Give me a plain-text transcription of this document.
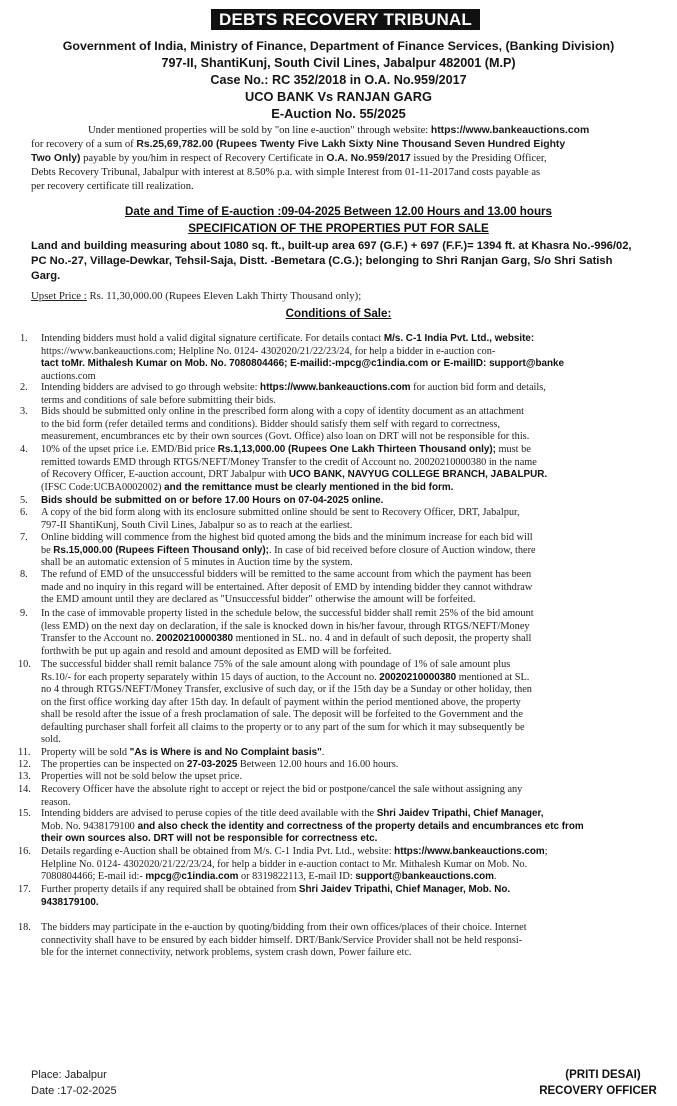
DEBTS RECOVERY TRIBUNAL
Government of India, Ministry of Finance, Department of Finance Services, (Banking Division)
797-II, ShantiKunj, South Civil Lines, Jabalpur 482001 (M.P)
Case No.: RC 352/2018 in O.A. No.959/2017
UCO BANK Vs RANJAN GARG
E-Auction No. 55/2025
Under mentioned properties will be sold by "on line e-auction" through website: https://www.bankeauctions.com
for recovery of a sum of Rs.25,69,782.00 (Rupees Twenty Five Lakh Sixty Nine Thousand Seven Hundred Eighty
Two Only) payable by you/him in respect of Recovery Certificate in O.A. No.959/2017 issued by the Presiding Officer,
Debts Recovery Tribunal, Jabalpur with interest at 8.50% p.a. with simple Interest from 01-11-2017and costs payable as
per recovery certificate till realization.
Date and Time of E-auction :09-04-2025 Between 12.00 Hours and 13.00 hours
SPECIFICATION OF THE PROPERTIES PUT FOR SALE
Land and building measuring about 1080 sq. ft., built-up area 697 (G.F.) + 697 (F.F.)= 1394 ft. at Khasra No.-996/02,
PC No.-27, Village-Dewkar, Tehsil-Saja, Distt. -Bemetara (C.G.); belonging to Shri Ranjan Garg, S/o Shri Satish
Garg.
Upset Price : Rs. 11,30,000.00 (Rupees Eleven Lakh Thirty Thousand only);
Conditions of Sale:
1. Intending bidders must hold a valid digital signature certificate. For details contact M/s. C-1 India Pvt. Ltd., website:
https://www.bankeauctions.com; Helpline No. 0124- 4302020/21/22/23/24, for help a bidder in e-auction con-
tact toMr. Mithalesh Kumar on Mob. No. 7080804466; E-mailid:-mpcg@c1india.com or E-mailID: support@banke
auctions.com
2. Intending bidders are advised to go through website: https://www.bankeauctions.com for auction bid form and details,
terms and conditions of sale before submitting their bids.
3. Bids should be submitted only online in the prescribed form along with a copy of identity document as an attachment
to the bid form (refer detailed terms and conditions). Bidder should satisfy them self with regard to correctness,
measurement, encumbrances etc by their own sources (Govt. Office) also loan on DRT will not be responsible for this.
4. 10% of the upset price i.e. EMD/Bid price Rs.1,13,000.00 (Rupees One Lakh Thirteen Thousand only); must be
remitted towards EMD through RTGS/NEFT/Money Transfer to the credit of Account no. 20020210000380 in the name
of Recovery Officer, E-auction account, DRT Jabalpur with UCO BANK, NAVYUG COLLEGE BRANCH, JABALPUR.
(IFSC Code:UCBA0002002) and the remittance must be clearly mentioned in the bid form.
5. Bids should be submitted on or before 17.00 Hours on 07-04-2025 online.
6. A copy of the bid form along with its enclosure submitted online should be sent to Recovery Officer, DRT, Jabalpur,
797-II ShantiKunj, South Civil Lines, Jabalpur so as to reach at the earliest.
7. Online bidding will commence from the highest bid quoted among the bids and the minimum increase for each bid will
be Rs.15,000.00 (Rupees Fifteen Thousand only);. In case of bid received before closure of Auction window, there
shall be an automatic extension of 5 minutes in Auction time by the system.
8. The refund of EMD of the unsuccessful bidders will be remitted to the same account from which the payment has been
made and no inquiry in this regard will be entertained. After deposit of EMD by intending bidder they cannot withdraw
the EMD amount until they are declared as "Unsuccessful bidder" otherwise the amount will be forfeited.
9. In the case of immovable property listed in the schedule below, the successful bidder shall remit 25% of the bid amount
(less EMD) on the next day on declaration, if the sale is knocked down in his/her favour, through RTGS/NEFT/Money
Transfer to the Account no. 20020210000380 mentioned in SL. no. 4 and in default of such deposit, the property shall
forthwith be put up again and resold and amount deposited as EMD will be forfeited.
10. The successful bidder shall remit balance 75% of the sale amount along with poundage of 1% of sale amount plus
Rs.10/- for each property separately within 15 days of auction, to the Account no. 20020210000380 mentioned at SL.
no 4 through RTGS/NEFT/Money Transfer, exclusive of such day, or if the 15th day be a Sunday or other holiday, then
on the first office working day after 15th day. In default of payment within the period mentioned above, the property
shall be resold after the issue of a fresh proclamation of sale. The deposit will be forfeited to the Government and the
defaulting purchaser shall forfeit all claims to the property or to any part of the sum for which it may subsequently be
sold.
11. Property will be sold "As is Where is and No Complaint basis".
12. The properties can be inspected on 27-03-2025 Between 12.00 hours and 16.00 hours.
13. Properties will not be sold below the upset price.
14. Recovery Officer have the absolute right to accept or reject the bid or postpone/cancel the sale without assigning any
reason.
15. Intending bidders are advised to peruse copies of the title deed available with the Shri Jaidev Tripathi, Chief Manager,
Mob. No. 9438179100 and also check the identity and correctness of the property details and encumbrances etc from
their own sources also. DRT will not be responsible for correctness etc.
16. Details regarding e-Auction shall be obtained from M/s. C-1 India Pvt. Ltd., website: https://www.bankeauctions.com;
Helpline No. 0124- 4302020/21/22/23/24, for help a bidder in e-auction contact to Mr. Mithalesh Kumar on Mob. No.
7080804466; E-mail id:- mpcg@c1india.com or 8319822113, E-mail ID: support@bankeauctions.com.
17. Further property details if any required shall be obtained from Shri Jaidev Tripathi, Chief Manager, Mob. No.
9438179100.
18. The bidders may participate in the e-auction by quoting/bidding from their own offices/places of their choice. Internet
connectivity shall have to be ensured by each bidder himself. DRT/Bank/Service Provider shall not be held responsi-
ble for the internet connectivity, network problems, system crash down, Power failure etc.
Place: Jabalpur
Date :17-02-2025
(PRITI DESAI)
RECOVERY OFFICER
